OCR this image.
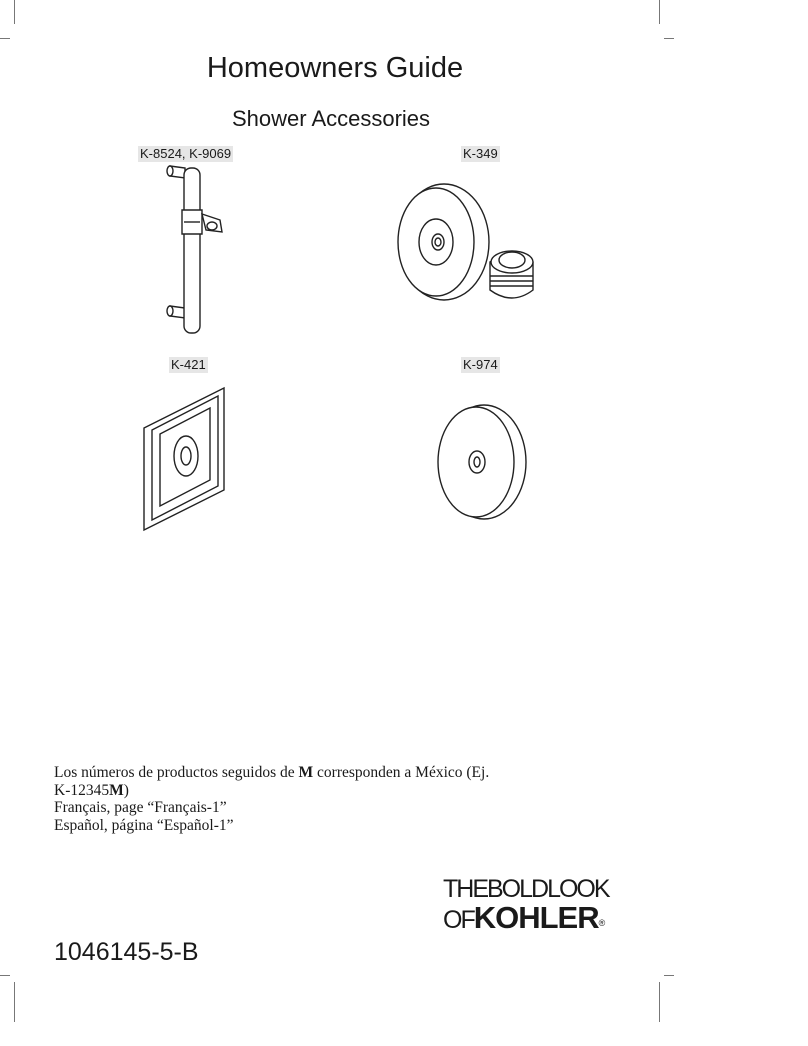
Homeowners Guide
Shower Accessories
K-8524, K-9069	K-349
K-421	K-974

Los números de productos seguidos de M corresponden a México (Ej.

K-12345M)

Français, page “Français-1”

Español, página “Español-1”

THEBOLDLOOK
OFKOHLER®
1046145-5-B
